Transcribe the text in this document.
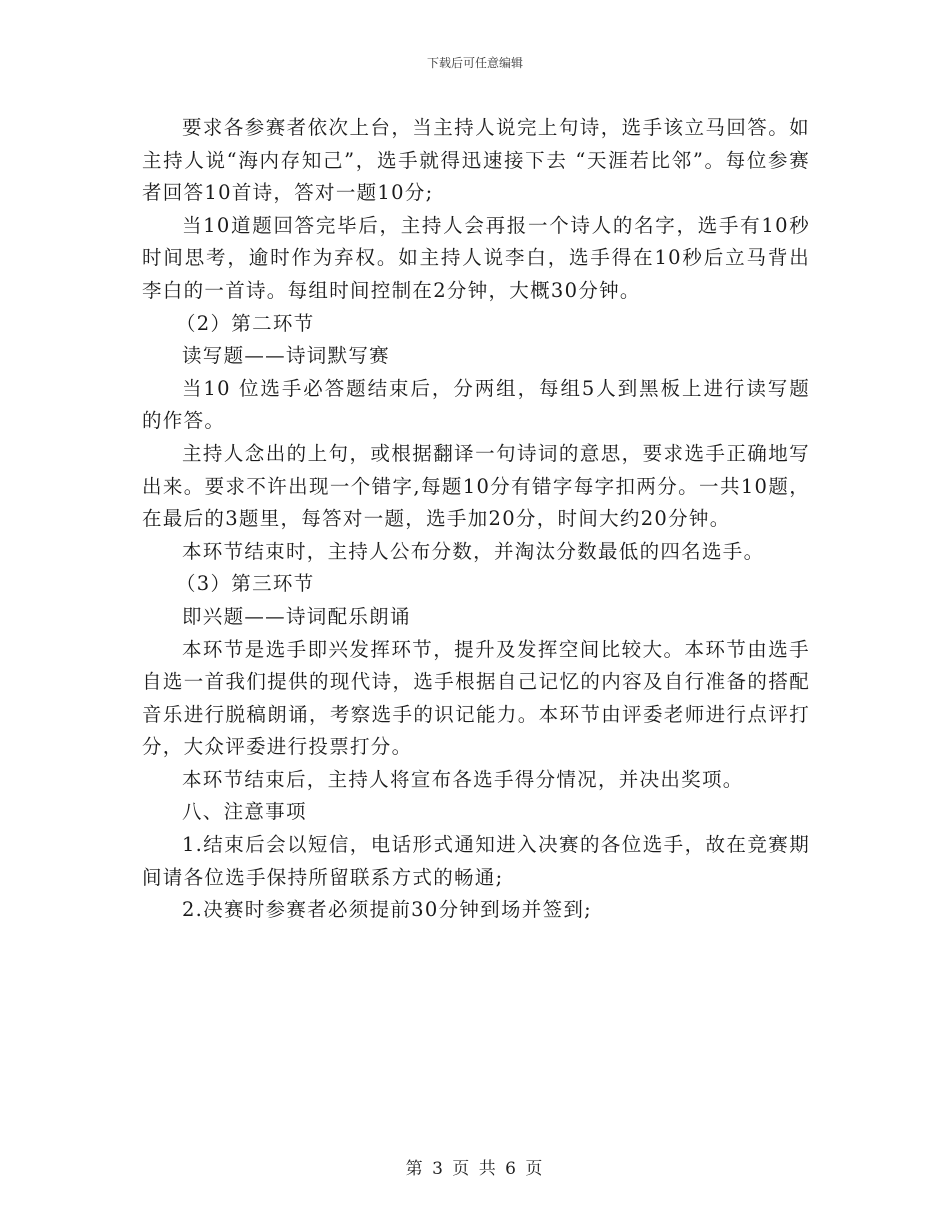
下载后可任意编辑

要求各参赛者依次上台，当主持人说完上句诗，选手该立马回答。如主持人说“海内存知己”，选手就得迅速接下去 “天涯若比邻”。每位参赛者回答10首诗，答对一题10分;

当10道题回答完毕后，主持人会再报一个诗人的名字，选手有10秒时间思考，逾时作为弃权。如主持人说李白，选手得在10秒后立马背出李白的一首诗。每组时间控制在2分钟，大概30分钟。

（2）第二环节

读写题——诗词默写赛

当10 位选手必答题结束后，分两组，每组5人到黑板上进行读写题的作答。

主持人念出的上句，或根据翻译一句诗词的意思，要求选手正确地写出来。要求不许出现一个错字,每题10分有错字每字扣两分。一共10题，在最后的3题里，每答对一题，选手加20分，时间大约20分钟。

本环节结束时，主持人公布分数，并淘汰分数最低的四名选手。

（3）第三环节

即兴题——诗词配乐朗诵

本环节是选手即兴发挥环节，提升及发挥空间比较大。本环节由选手自选一首我们提供的现代诗，选手根据自己记忆的内容及自行准备的搭配音乐进行脱稿朗诵，考察选手的识记能力。本环节由评委老师进行点评打分，大众评委进行投票打分。

本环节结束后，主持人将宣布各选手得分情况，并决出奖项。

八、注意事项

1.结束后会以短信，电话形式通知进入决赛的各位选手，故在竞赛期间请各位选手保持所留联系方式的畅通;

2.决赛时参赛者必须提前30分钟到场并签到;

第 3 页 共 6 页
